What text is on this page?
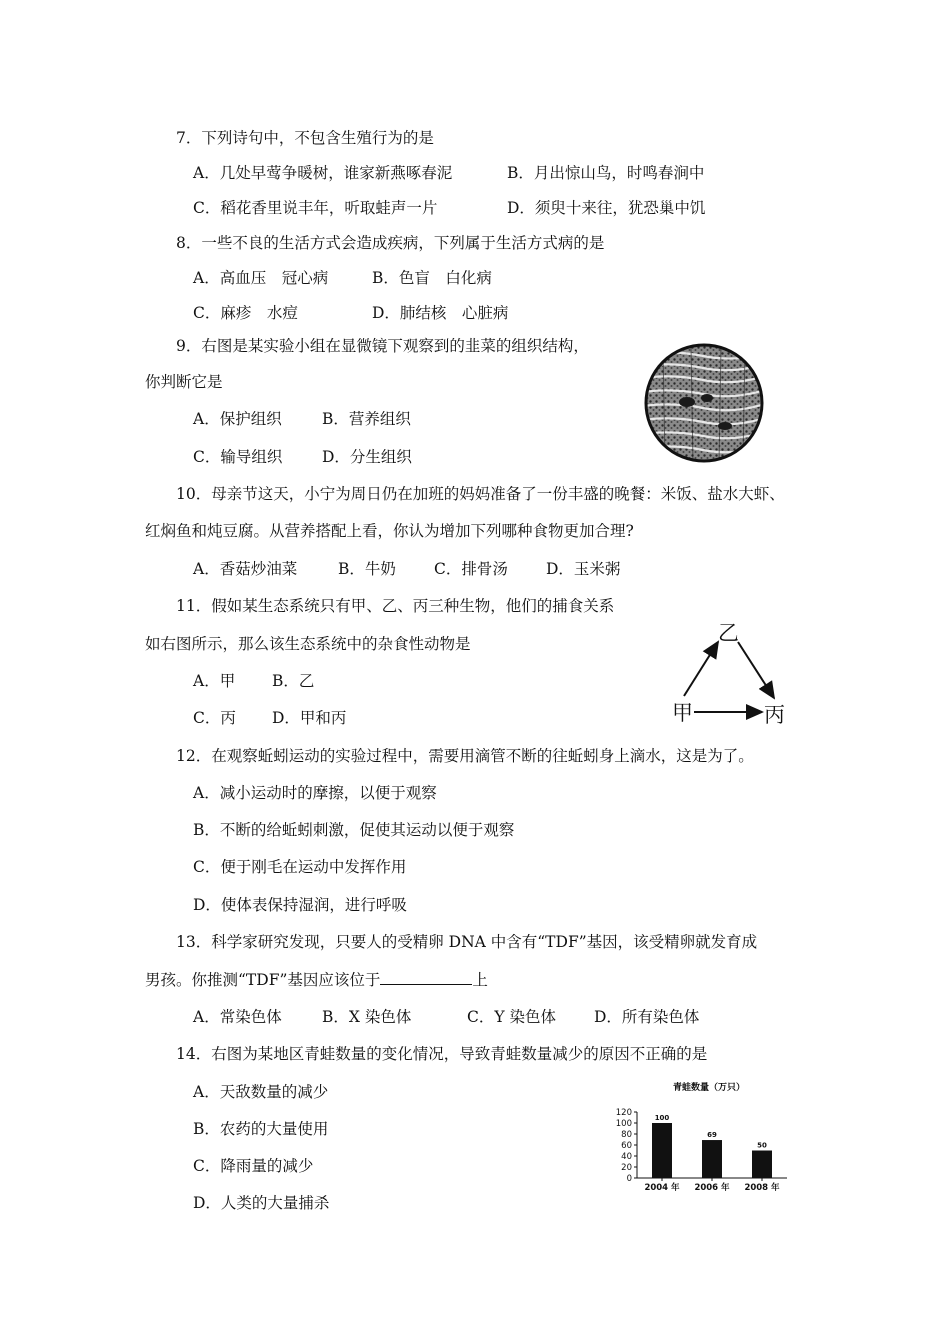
7．下列诗句中，不包含生殖行为的是
A．几处早莺争暖树，谁家新燕啄春泥	B．月出惊山鸟，时鸣春涧中
C．稻花香里说丰年，听取蛙声一片	D．须臾十来往，犹恐巢中饥
8．一些不良的生活方式会造成疾病，下列属于生活方式病的是
A．高血压　冠心病	B．色盲　白化病
C．麻疹　水痘	D．肺结核　心脏病
9．右图是某实验小组在显微镜下观察到的韭菜的组织结构，
你判断它是
A．保护组织	B．营养组织
C．输导组织	D．分生组织
10．母亲节这天，小宁为周日仍在加班的妈妈准备了一份丰盛的晚餐：米饭、盐水大虾、
红焖鱼和炖豆腐。从营养搭配上看，你认为增加下列哪种食物更加合理?
A．香菇炒油菜	B．牛奶 C．排骨汤 D．玉米粥
11．假如某生态系统只有甲、乙、丙三种生物，他们的捕食关系
如右图所示，那么该生态系统中的杂食性动物是
A．甲 B．乙
C．丙 D．甲和丙
乙
甲	丙
12．在观察蚯蚓运动的实验过程中，需要用滴管不断的往蚯蚓身上滴水，这是为了。
A．减小运动时的摩擦，以便于观察
B．不断的给蚯蚓刺激，促使其运动以便于观察
C．便于刚毛在运动中发挥作用
D．使体表保持湿润，进行呼吸
13．科学家研究发现，只要人的受精卵 DNA 中含有“TDF”基因，该受精卵就发育成
男孩。你推测“TDF”基因应该位于	上
A．常染色体	B．X 染色体	C．Y 染色体 D．所有染色体
14．右图为某地区青蛙数量的变化情况，导致青蛙数量减少的原因不正确的是
A．天敌数量的减少
B．农药的大量使用
C．降雨量的减少
D．人类的大量捕杀
青蛙数量（万只）
0
20
40
60
80
100
120	100
2004 年
69
2006 年
50
2008 年
